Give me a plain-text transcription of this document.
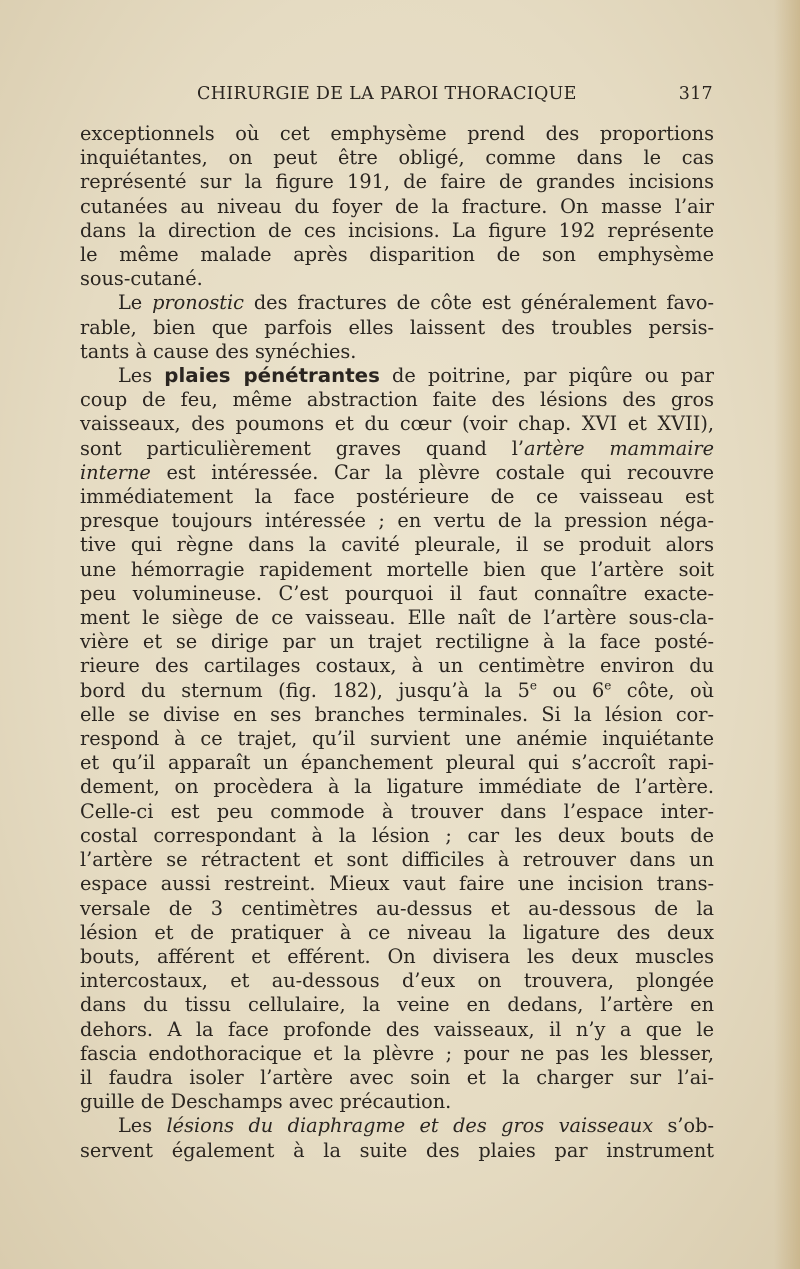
CHIRURGIE DE LA PAROI THORACIQUE	317

exceptionnels où cet emphysème prend des proportions

inquiétantes, on peut être obligé, comme dans le cas

représenté sur la figure 191, de faire de grandes incisions

cutanées au niveau du foyer de la fracture. On masse l’air

dans la direction de ces incisions. La figure 192 représente

le même malade après disparition de son emphysème

sous-cutané.

Le pronostic des fractures de côte est généralement favo-

rable, bien que parfois elles laissent des troubles persis-

tants à cause des synéchies.

Les plaies pénétrantes de poitrine, par piqûre ou par

coup de feu, même abstraction faite des lésions des gros

vaisseaux, des poumons et du cœur (voir chap. XVI et XVII),

sont particulièrement graves quand l’artère mammaire

interne est intéressée. Car la plèvre costale qui recouvre

immédiatement la face postérieure de ce vaisseau est

presque toujours intéressée ; en vertu de la pression néga-

tive qui règne dans la cavité pleurale, il se produit alors

une hémorragie rapidement mortelle bien que l’artère soit

peu volumineuse. C’est pourquoi il faut connaître exacte-

ment le siège de ce vaisseau. Elle naît de l’artère sous-cla-

vière et se dirige par un trajet rectiligne à la face posté-

rieure des cartilages costaux, à un centimètre environ du

bord du sternum (fig. 182), jusqu’à la 5e ou 6e côte, où

elle se divise en ses branches terminales. Si la lésion cor-

respond à ce trajet, qu’il survient une anémie inquiétante

et qu’il apparaît un épanchement pleural qui s’accroît rapi-

dement, on procèdera à la ligature immédiate de l’artère.

Celle-ci est peu commode à trouver dans l’espace inter-

costal correspondant à la lésion ; car les deux bouts de

l’artère se rétractent et sont difficiles à retrouver dans un

espace aussi restreint. Mieux vaut faire une incision trans-

versale de 3 centimètres au-dessus et au-dessous de la

lésion et de pratiquer à ce niveau la ligature des deux

bouts, afférent et efférent. On divisera les deux muscles

intercostaux, et au-dessous d’eux on trouvera, plongée

dans du tissu cellulaire, la veine en dedans, l’artère en

dehors. A la face profonde des vaisseaux, il n’y a que le

fascia endothoracique et la plèvre ; pour ne pas les blesser,

il faudra isoler l’artère avec soin et la charger sur l’ai-

guille de Deschamps avec précaution.

Les lésions du diaphragme et des gros vaisseaux s’ob-

servent également à la suite des plaies par instrument
